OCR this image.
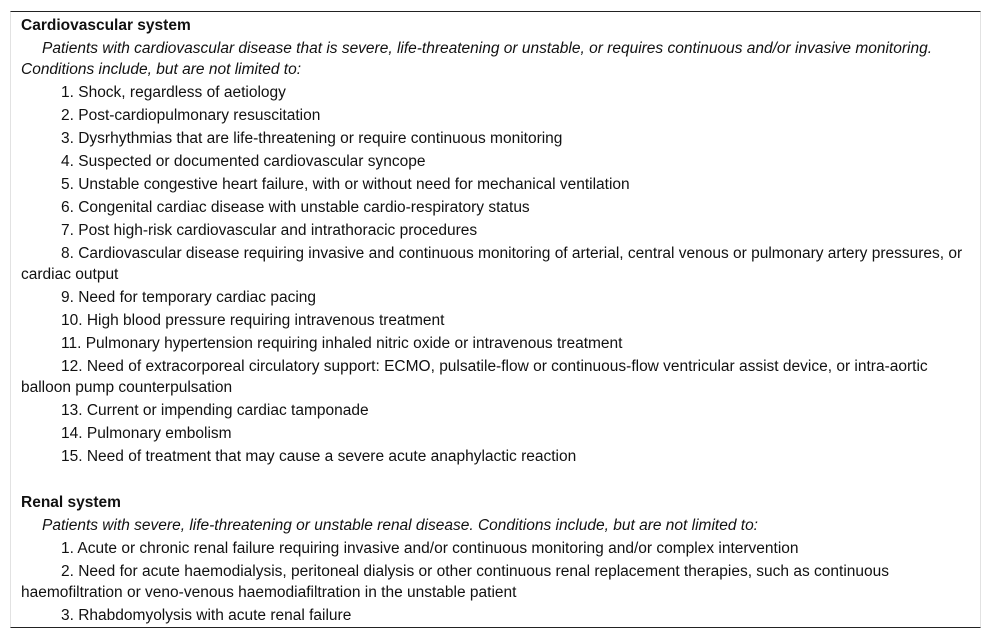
Cardiovascular system
Patients with cardiovascular disease that is severe, life-threatening or unstable, or requires continuous and/or invasive monitoring. Conditions include, but are not limited to:
1. Shock, regardless of aetiology
2. Post-cardiopulmonary resuscitation
3. Dysrhythmias that are life-threatening or require continuous monitoring
4. Suspected or documented cardiovascular syncope
5. Unstable congestive heart failure, with or without need for mechanical ventilation
6. Congenital cardiac disease with unstable cardio-respiratory status
7. Post high-risk cardiovascular and intrathoracic procedures
8. Cardiovascular disease requiring invasive and continuous monitoring of arterial, central venous or pulmonary artery pressures, or cardiac output
9. Need for temporary cardiac pacing
10. High blood pressure requiring intravenous treatment
11. Pulmonary hypertension requiring inhaled nitric oxide or intravenous treatment
12. Need of extracorporeal circulatory support: ECMO, pulsatile-flow or continuous-flow ventricular assist device, or intra-aortic balloon pump counterpulsation
13. Current or impending cardiac tamponade
14. Pulmonary embolism
15. Need of treatment that may cause a severe acute anaphylactic reaction
Renal system
Patients with severe, life-threatening or unstable renal disease. Conditions include, but are not limited to:
1. Acute or chronic renal failure requiring invasive and/or continuous monitoring and/or complex intervention
2. Need for acute haemodialysis, peritoneal dialysis or other continuous renal replacement therapies, such as continuous haemofiltration or veno-venous haemodiafiltration in the unstable patient
3. Rhabdomyolysis with acute renal failure
